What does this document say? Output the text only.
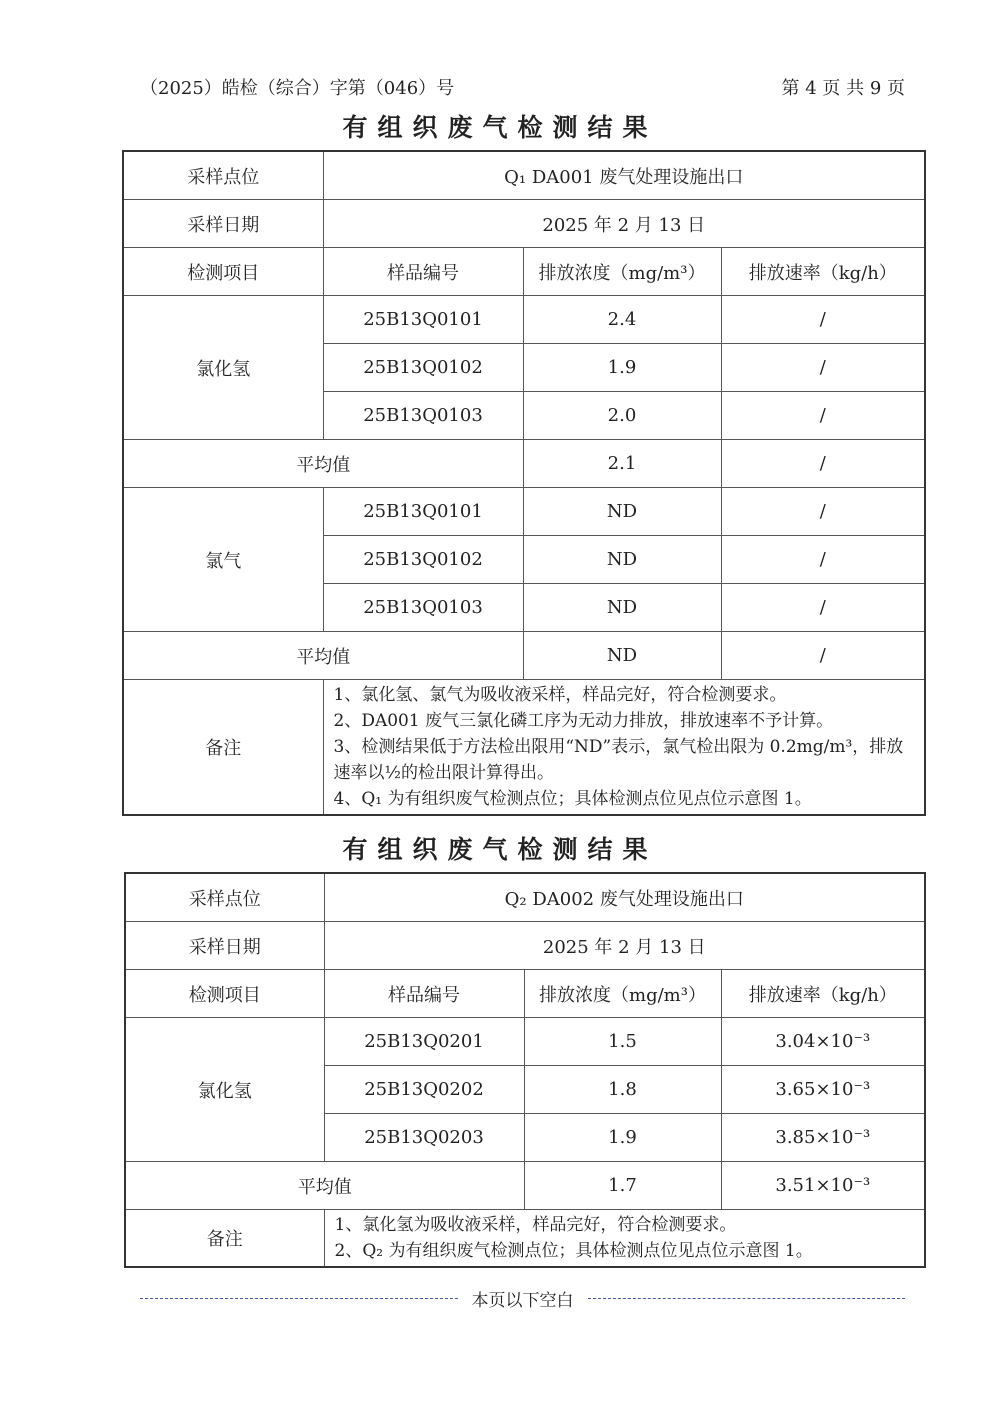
（2025）皓检（综合）字第（046）号	第 4 页 共 9 页
有组织废气检测结果
采样点位	Q₁ DA001 废气处理设施出口		
采样日期	2025 年 2 月 13 日		
检测项目	样品编号	排放浓度（mg/m³）	排放速率（kg/h）
氯化氢	25B13Q0101	2.4	/
	25B13Q0102	1.9	/
	25B13Q0103	2.0	/
平均值		2.1	/
氯气	25B13Q0101	ND	/
	25B13Q0102	ND	/
	25B13Q0103	ND	/
平均值		ND	/
备注	1、氯化氢、氯气为吸收液采样，样品完好，符合检测要求。
2、DA001 废气三氯化磷工序为无动力排放，排放速率不予计算。
3、检测结果低于方法检出限用“ND”表示，氯气检出限为 0.2mg/m³，排放速率以½的检出限计算得出。
4、Q₁ 为有组织废气检测点位；具体检测点位见点位示意图 1。		
有组织废气检测结果
采样点位	Q₂ DA002 废气处理设施出口		
采样日期	2025 年 2 月 13 日		
检测项目	样品编号	排放浓度（mg/m³）	排放速率（kg/h）
氯化氢	25B13Q0201	1.5	3.04×10⁻³
	25B13Q0202	1.8	3.65×10⁻³
	25B13Q0203	1.9	3.85×10⁻³
平均值		1.7	3.51×10⁻³
备注	1、氯化氢为吸收液采样，样品完好，符合检测要求。
2、Q₂ 为有组织废气检测点位；具体检测点位见点位示意图 1。		
本页以下空白
